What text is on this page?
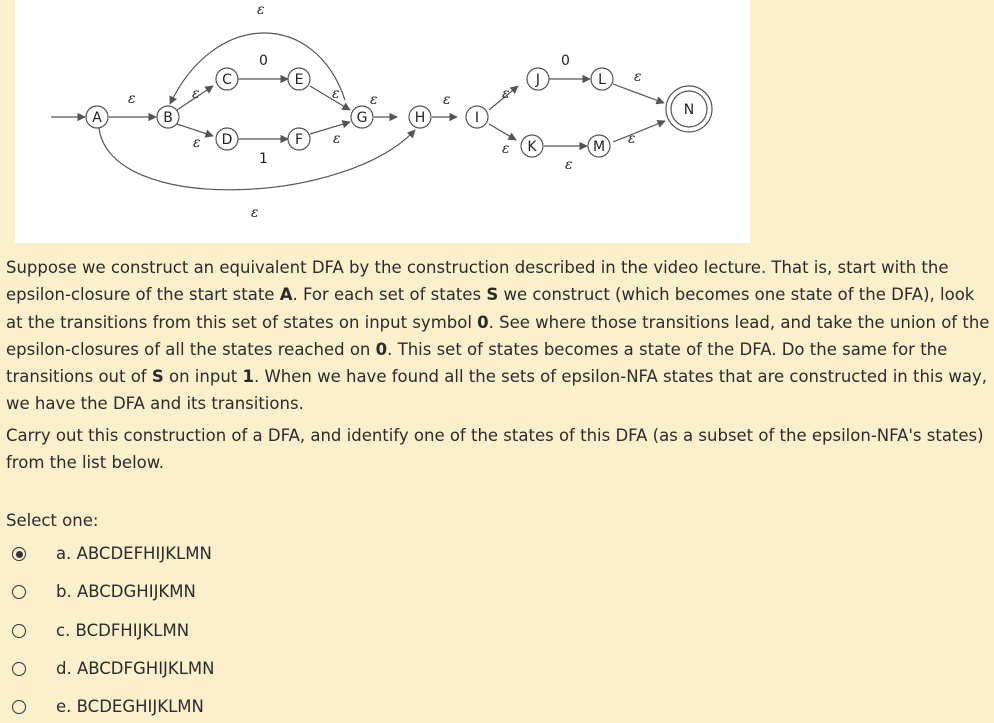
A	B
C
D
E
F
G	H	I
J
K
L
M
N
ε
ε	ε
ε
0
1
ε
ε
ε	ε	ε
ε
0
ε
ε
ε
ε

Suppose we construct an equivalent DFA by the construction described in the video lecture. That is, start with the epsilon-closure of the start state A. For each set of states S we construct (which becomes one state of the DFA), look at the transitions from this set of states on input symbol 0. See where those transitions lead, and take the union of the epsilon-closures of all the states reached on 0. This set of states becomes a state of the DFA. Do the same for the transitions out of S on input 1. When we have found all the sets of epsilon-NFA states that are constructed in this way, we have the DFA and its transitions.

Carry out this construction of a DFA, and identify one of the states of this DFA (as a subset of the epsilon-NFA's states) from the list below.

Select one:
a. ABCDEFHIJKLMN
b. ABCDGHIJKMN
c. BCDFHIJKLMN
d. ABCDFGHIJKLMN
e. BCDEGHIJKLMN
